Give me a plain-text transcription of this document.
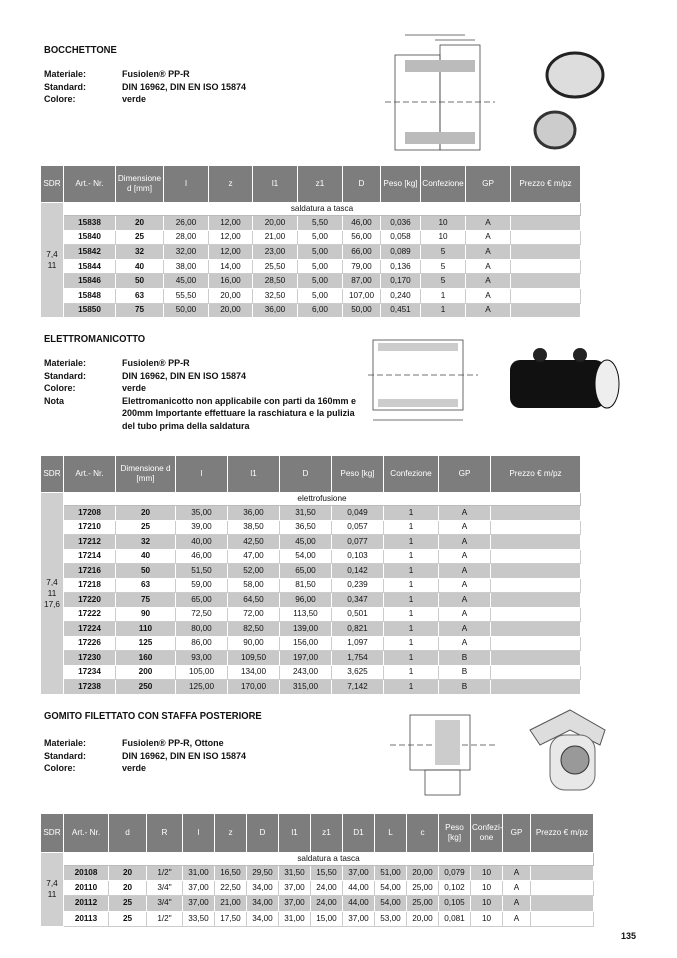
BOCCHETTONE
Materiale:	Fusiolen® PP-R
Standard:	DIN 16962, DIN EN ISO 15874
Colore:	verde
SDR	Art.- Nr.	Dimensione d [mm]	l	z	l1	z1	D	Peso [kg]	Confezione	GP	Prezzo € m/pz
7,4
11	saldatura a tasca										
	15838	20	26,00	12,00	20,00	5,50	46,00	0,036	10	A	
	15840	25	28,00	12,00	21,00	5,00	56,00	0,058	10	A	
	15842	32	32,00	12,00	23,00	5,00	66,00	0,089	5	A	
	15844	40	38,00	14,00	25,50	5,00	79,00	0,136	5	A	
	15846	50	45,00	16,00	28,50	5,00	87,00	0,170	5	A	
	15848	63	55,50	20,00	32,50	5,00	107,00	0,240	1	A	
	15850	75	50,00	20,00	36,00	6,00	50,00	0,451	1	A	
ELETTROMANICOTTO
Materiale:	Fusiolen® PP-R
Standard:	DIN 16962, DIN EN ISO 15874
Colore:	verde
Nota	Elettromanicotto non applicabile con parti da 160mm e 200mm Importante effettuare la raschiatura e la pulizia del tubo prima della saldatura
SDR	Art.- Nr.	Dimensione d [mm]	l	l1	D	Peso [kg]	Confezione	GP	Prezzo € m/pz
7,4
11
17,6	elettrofusione								
	17208	20	35,00	36,00	31,50	0,049	1	A	
	17210	25	39,00	38,50	36,50	0,057	1	A	
	17212	32	40,00	42,50	45,00	0,077	1	A	
	17214	40	46,00	47,00	54,00	0,103	1	A	
	17216	50	51,50	52,00	65,00	0,142	1	A	
	17218	63	59,00	58,00	81,50	0,239	1	A	
	17220	75	65,00	64,50	96,00	0,347	1	A	
	17222	90	72,50	72,00	113,50	0,501	1	A	
	17224	110	80,00	82,50	139,00	0,821	1	A	
	17226	125	86,00	90,00	156,00	1,097	1	A	
	17230	160	93,00	109,50	197,00	1,754	1	B	
	17234	200	105,00	134,00	243,00	3,625	1	B	
	17238	250	125,00	170,00	315,00	7,142	1	B	
GOMITO FILETTATO CON STAFFA POSTERIORE
Materiale:	Fusiolen® PP-R, Ottone
Standard:	DIN 16962, DIN EN ISO 15874
Colore:	verde
SDR	Art.- Nr.	d	R	l	z	D	l1	z1	D1	L	c	Peso [kg]	Confezi- one	GP	Prezzo € m/pz
7,4
11	saldatura a tasca														
	20108	20	1/2"	31,00	16,50	29,50	31,50	15,50	37,00	51,00	20,00	0,079	10	A	
	20110	20	3/4"	37,00	22,50	34,00	37,00	24,00	44,00	54,00	25,00	0,102	10	A	
	20112	25	3/4"	37,00	21,00	34,00	37,00	24,00	44,00	54,00	25,00	0,105	10	A	
	20113	25	1/2"	33,50	17,50	34,00	31,00	15,00	37,00	53,00	20,00	0,081	10	A	
135
